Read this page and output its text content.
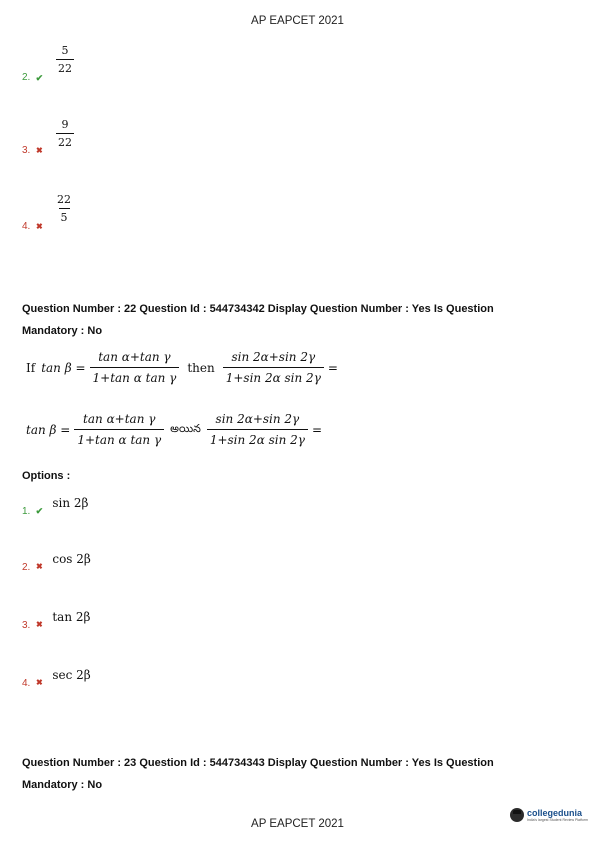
AP EAPCET 2021
$\frac{5}{22}$
2. ✔
$\frac{9}{22}$
3. ✖
$\frac{22}{5}$
4. ✖
Question Number : 22 Question Id : 544734342 Display Question Number : Yes Is Question
Mandatory : No
If $\tan \beta = \frac{\text{tan α+tan γ}}{\text{1+tan α tan γ}}$ then $\frac{\sin 2\alpha+\sin 2\gamma}{\text{1+sin 2α sin 2γ}}$ =
$\tan \beta = \frac{\text{tan α+tan γ}}{\text{1+tan α tan γ}}$ అయిన $\frac{\sin 2\alpha+\sin 2\gamma}{\text{1+sin 2α sin 2γ}}$ =
Options :
1. ✔
sin 2β
2. ✖
cos 2β
3. ✖
tan 2β
4. ✖
sec 2β
Question Number : 23 Question Id : 544734343 Display Question Number : Yes Is Question
Mandatory : No
AP EAPCET 2021
collegedunia
India's largest Student Review Platform
